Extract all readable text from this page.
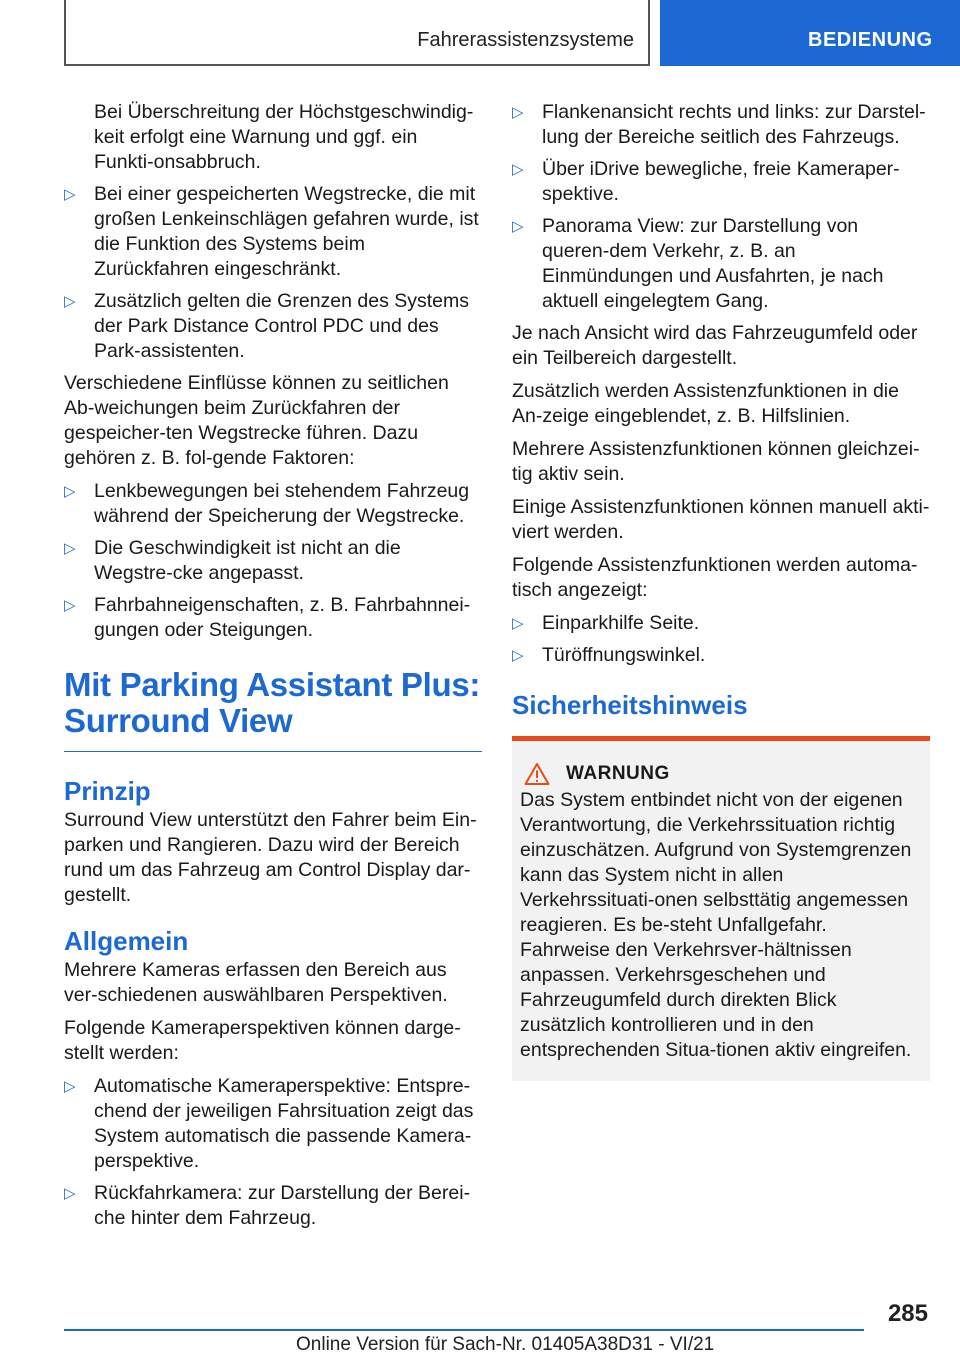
Fahrerassistenzsysteme	BEDIENUNG
Bei Überschreitung der Höchstgeschwindig-keit erfolgt eine Warnung und ggf. ein Funkti-onsabbruch.
▷ Bei einer gespeicherten Wegstrecke, die mit großen Lenkeinschlägen gefahren wurde, ist die Funktion des Systems beim Zurückfahren eingeschränkt.
▷ Zusätzlich gelten die Grenzen des Systems der Park Distance Control PDC und des Park-assistenten.
Verschiedene Einflüsse können zu seitlichen Ab-weichungen beim Zurückfahren der gespeicher-ten Wegstrecke führen. Dazu gehören z. B. fol-gende Faktoren:
▷ Lenkbewegungen bei stehendem Fahrzeug während der Speicherung der Wegstrecke.
▷ Die Geschwindigkeit ist nicht an die Wegstre-cke angepasst.
▷ Fahrbahneigenschaften, z. B. Fahrbahnnei-gungen oder Steigungen.
Mit Parking Assistant Plus: Surround View
Prinzip
Surround View unterstützt den Fahrer beim Ein-parken und Rangieren. Dazu wird der Bereich rund um das Fahrzeug am Control Display dar-gestellt.
Allgemein
Mehrere Kameras erfassen den Bereich aus ver-schiedenen auswählbaren Perspektiven.
Folgende Kameraperspektiven können darge-stellt werden:
▷ Automatische Kameraperspektive: Entspre-chend der jeweiligen Fahrsituation zeigt das System automatisch die passende Kamera-perspektive.
▷ Rückfahrkamera: zur Darstellung der Berei-che hinter dem Fahrzeug.
▷ Flankenansicht rechts und links: zur Darstel-lung der Bereiche seitlich des Fahrzeugs.
▷ Über iDrive bewegliche, freie Kameraper-spektive.
▷ Panorama View: zur Darstellung von queren-dem Verkehr, z. B. an Einmündungen und Ausfahrten, je nach aktuell eingelegtem Gang.
Je nach Ansicht wird das Fahrzeugumfeld oder ein Teilbereich dargestellt.
Zusätzlich werden Assistenzfunktionen in die An-zeige eingeblendet, z. B. Hilfslinien.
Mehrere Assistenzfunktionen können gleichzei-tig aktiv sein.
Einige Assistenzfunktionen können manuell akti-viert werden.
Folgende Assistenzfunktionen werden automa-tisch angezeigt:
▷ Einparkhilfe Seite.
▷ Türöffnungswinkel.
Sicherheitshinweis
WARNUNG
Das System entbindet nicht von der eigenen Verantwortung, die Verkehrssituation richtig einzuschätzen. Aufgrund von Systemgrenzen kann das System nicht in allen Verkehrssituati-onen selbsttätig angemessen reagieren. Es be-steht Unfallgefahr. Fahrweise den Verkehrsver-hältnissen anpassen. Verkehrsgeschehen und Fahrzeugumfeld durch direkten Blick zusätzlich kontrollieren und in den entsprechenden Situa-tionen aktiv eingreifen.
285
Online Version für Sach-Nr. 01405A38D31 - VI/21
